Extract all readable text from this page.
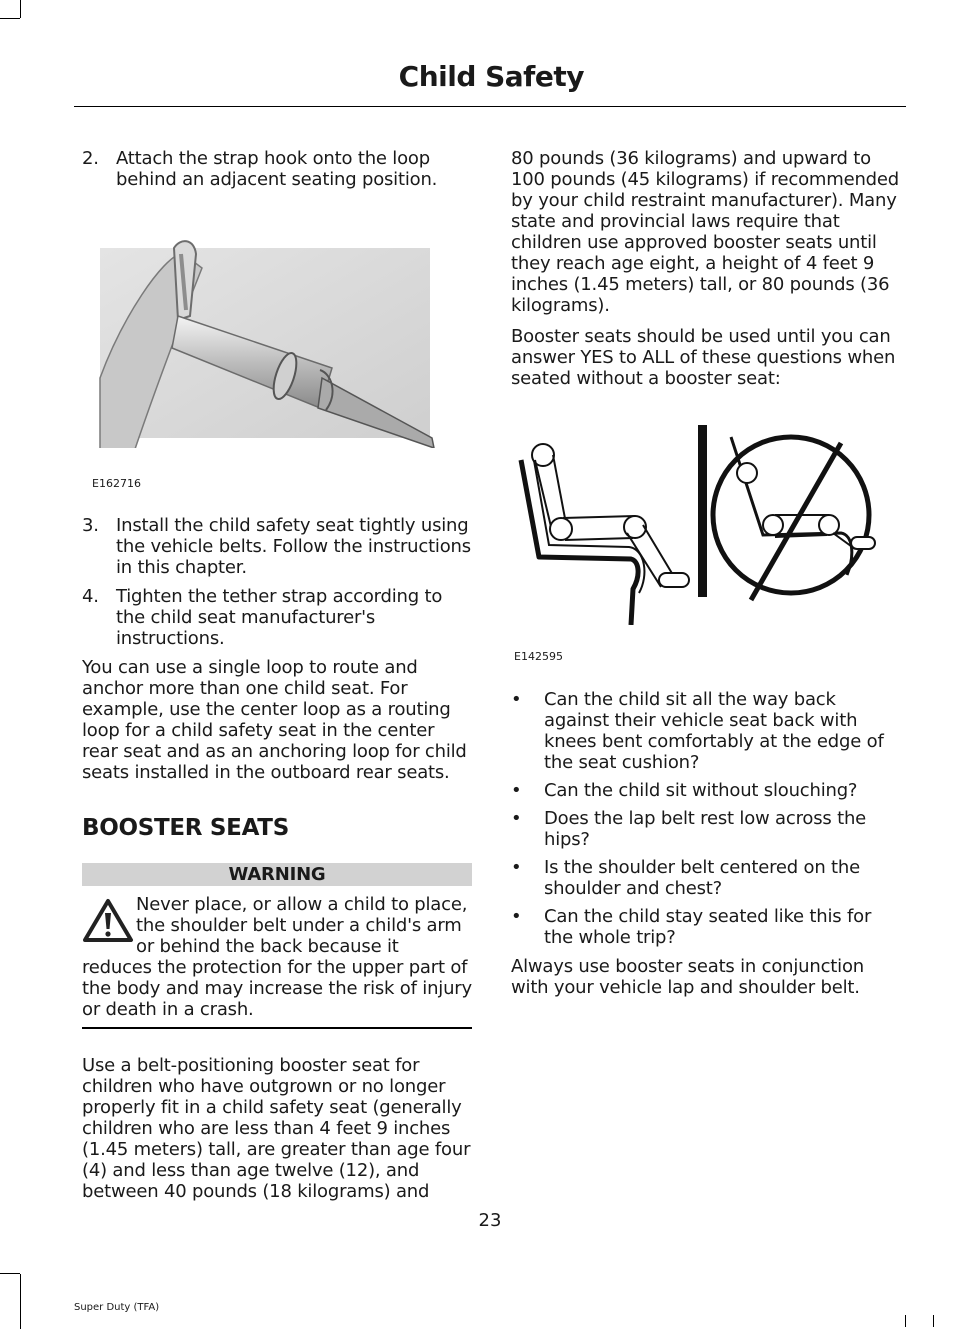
Child Safety
2. Attach the strap hook onto the loop behind an adjacent seating position.
E162716
3. Install the child safety seat tightly using the vehicle belts. Follow the instructions in this chapter.
4. Tighten the tether strap according to the child seat manufacturer's instructions.

You can use a single loop to route and anchor more than one child seat. For example, use the center loop as a routing loop for a child safety seat in the center rear seat and as an anchoring loop for child seats installed in the outboard rear seats.

BOOSTER SEATS
WARNING

Never place, or allow a child to place, the shoulder belt under a child's arm or behind the back because it reduces the protection for the upper part of the body and may increase the risk of injury or death in a crash.

Use a belt-positioning booster seat for children who have outgrown or no longer properly fit in a child safety seat (generally children who are less than 4 feet 9 inches (1.45 meters) tall, are greater than age four (4) and less than age twelve (12), and between 40 pounds (18 kilograms) and

80 pounds (36 kilograms) and upward to 100 pounds (45 kilograms) if recommended by your child restraint manufacturer). Many state and provincial laws require that children use approved booster seats until they reach age eight, a height of 4 feet 9 inches (1.45 meters) tall, or 80 pounds (36 kilograms).

Booster seats should be used until you can answer YES to ALL of these questions when seated without a booster seat:

E142595
•	Can the child sit all the way back against their vehicle seat back with knees bent comfortably at the edge of the seat cushion?
•	Can the child sit without slouching?
•	Does the lap belt rest low across the hips?
•	Is the shoulder belt centered on the shoulder and chest?
•	Can the child stay seated like this for the whole trip?

Always use booster seats in conjunction with your vehicle lap and shoulder belt.

23
Super Duty (TFA)
